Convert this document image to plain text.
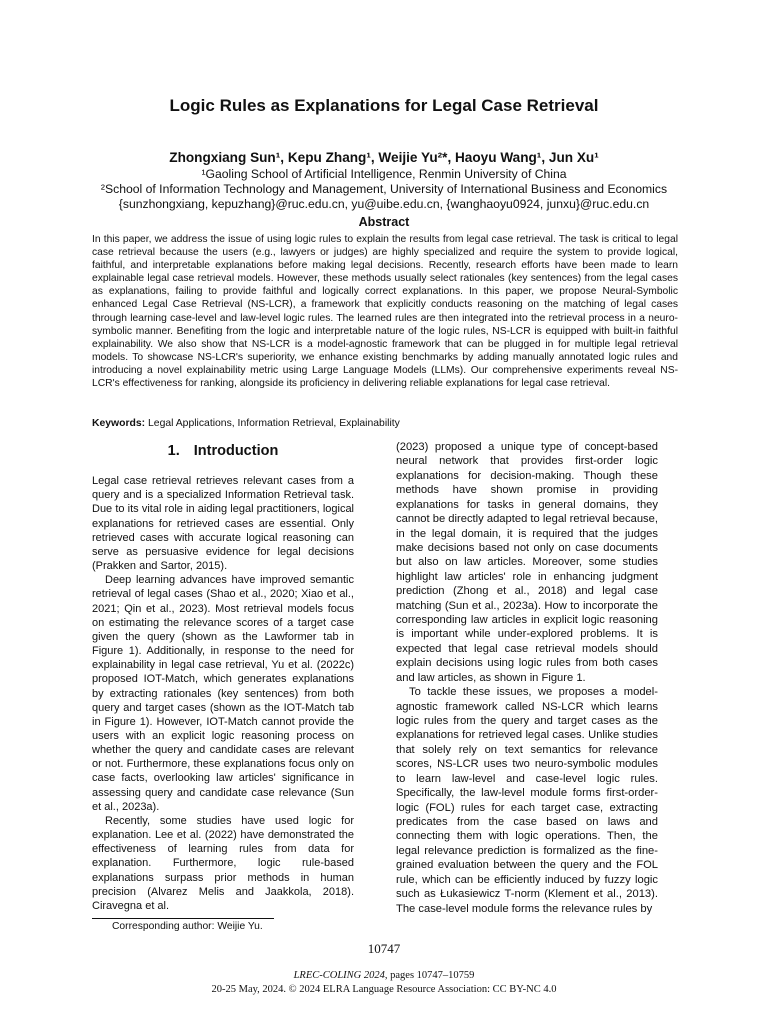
Logic Rules as Explanations for Legal Case Retrieval
Zhongxiang Sun¹, Kepu Zhang¹, Weijie Yu²*, Haoyu Wang¹, Jun Xu¹
¹Gaoling School of Artificial Intelligence, Renmin University of China
²School of Information Technology and Management, University of International Business and Economics
{sunzhongxiang, kepuzhang}@ruc.edu.cn, yu@uibe.edu.cn, {wanghaoyu0924, junxu}@ruc.edu.cn
Abstract
In this paper, we address the issue of using logic rules to explain the results from legal case retrieval. The task is critical to legal case retrieval because the users (e.g., lawyers or judges) are highly specialized and require the system to provide logical, faithful, and interpretable explanations before making legal decisions. Recently, research efforts have been made to learn explainable legal case retrieval models. However, these methods usually select rationales (key sentences) from the legal cases as explanations, failing to provide faithful and logically correct explanations. In this paper, we propose Neural-Symbolic enhanced Legal Case Retrieval (NS-LCR), a framework that explicitly conducts reasoning on the matching of legal cases through learning case-level and law-level logic rules. The learned rules are then integrated into the retrieval process in a neuro-symbolic manner. Benefiting from the logic and interpretable nature of the logic rules, NS-LCR is equipped with built-in faithful explainability. We also show that NS-LCR is a model-agnostic framework that can be plugged in for multiple legal retrieval models. To showcase NS-LCR's superiority, we enhance existing benchmarks by adding manually annotated logic rules and introducing a novel explainability metric using Large Language Models (LLMs). Our comprehensive experiments reveal NS-LCR's effectiveness for ranking, alongside its proficiency in delivering reliable explanations for legal case retrieval.
Keywords: Legal Applications, Information Retrieval, Explainability
1. Introduction

Legal case retrieval retrieves relevant cases from a query and is a specialized Information Retrieval task. Due to its vital role in aiding legal practitioners, logical explanations for retrieved cases are essential. Only retrieved cases with accurate logical reasoning can serve as persuasive evidence for legal decisions (Prakken and Sartor, 2015).

Deep learning advances have improved semantic retrieval of legal cases (Shao et al., 2020; Xiao et al., 2021; Qin et al., 2023). Most retrieval models focus on estimating the relevance scores of a target case given the query (shown as the Lawformer tab in Figure 1). Additionally, in response to the need for explainability in legal case retrieval, Yu et al. (2022c) proposed IOT-Match, which generates explanations by extracting rationales (key sentences) from both query and target cases (shown as the IOT-Match tab in Figure 1). However, IOT-Match cannot provide the users with an explicit logic reasoning process on whether the query and candidate cases are relevant or not. Furthermore, these explanations focus only on case facts, overlooking law articles' significance in assessing query and candidate case relevance (Sun et al., 2023a).

Recently, some studies have used logic for explanation. Lee et al. (2022) have demonstrated the effectiveness of learning rules from data for explanation. Furthermore, logic rule-based explanations surpass prior methods in human precision (Alvarez Melis and Jaakkola, 2018). Ciravegna et al.

(2023) proposed a unique type of concept-based neural network that provides first-order logic explanations for decision-making. Though these methods have shown promise in providing explanations for tasks in general domains, they cannot be directly adapted to legal retrieval because, in the legal domain, it is required that the judges make decisions based not only on case documents but also on law articles. Moreover, some studies highlight law articles' role in enhancing judgment prediction (Zhong et al., 2018) and legal case matching (Sun et al., 2023a). How to incorporate the corresponding law articles in explicit logic reasoning is important while under-explored problems. It is expected that legal case retrieval models should explain decisions using logic rules from both cases and law articles, as shown in Figure 1.

To tackle these issues, we proposes a model-agnostic framework called NS-LCR which learns logic rules from the query and target cases as the explanations for retrieved legal cases. Unlike studies that solely rely on text semantics for relevance scores, NS-LCR uses two neuro-symbolic modules to learn law-level and case-level logic rules. Specifically, the law-level module forms first-order-logic (FOL) rules for each target case, extracting predicates from the case based on laws and connecting them with logic operations. Then, the legal relevance prediction is formalized as the fine-grained evaluation between the query and the FOL rule, which can be efficiently induced by fuzzy logic such as Łukasiewicz T-norm (Klement et al., 2013). The case-level module forms the relevance rules by

Corresponding author: Weijie Yu.
10747
LREC-COLING 2024, pages 10747–10759
20-25 May, 2024. © 2024 ELRA Language Resource Association: CC BY-NC 4.0
